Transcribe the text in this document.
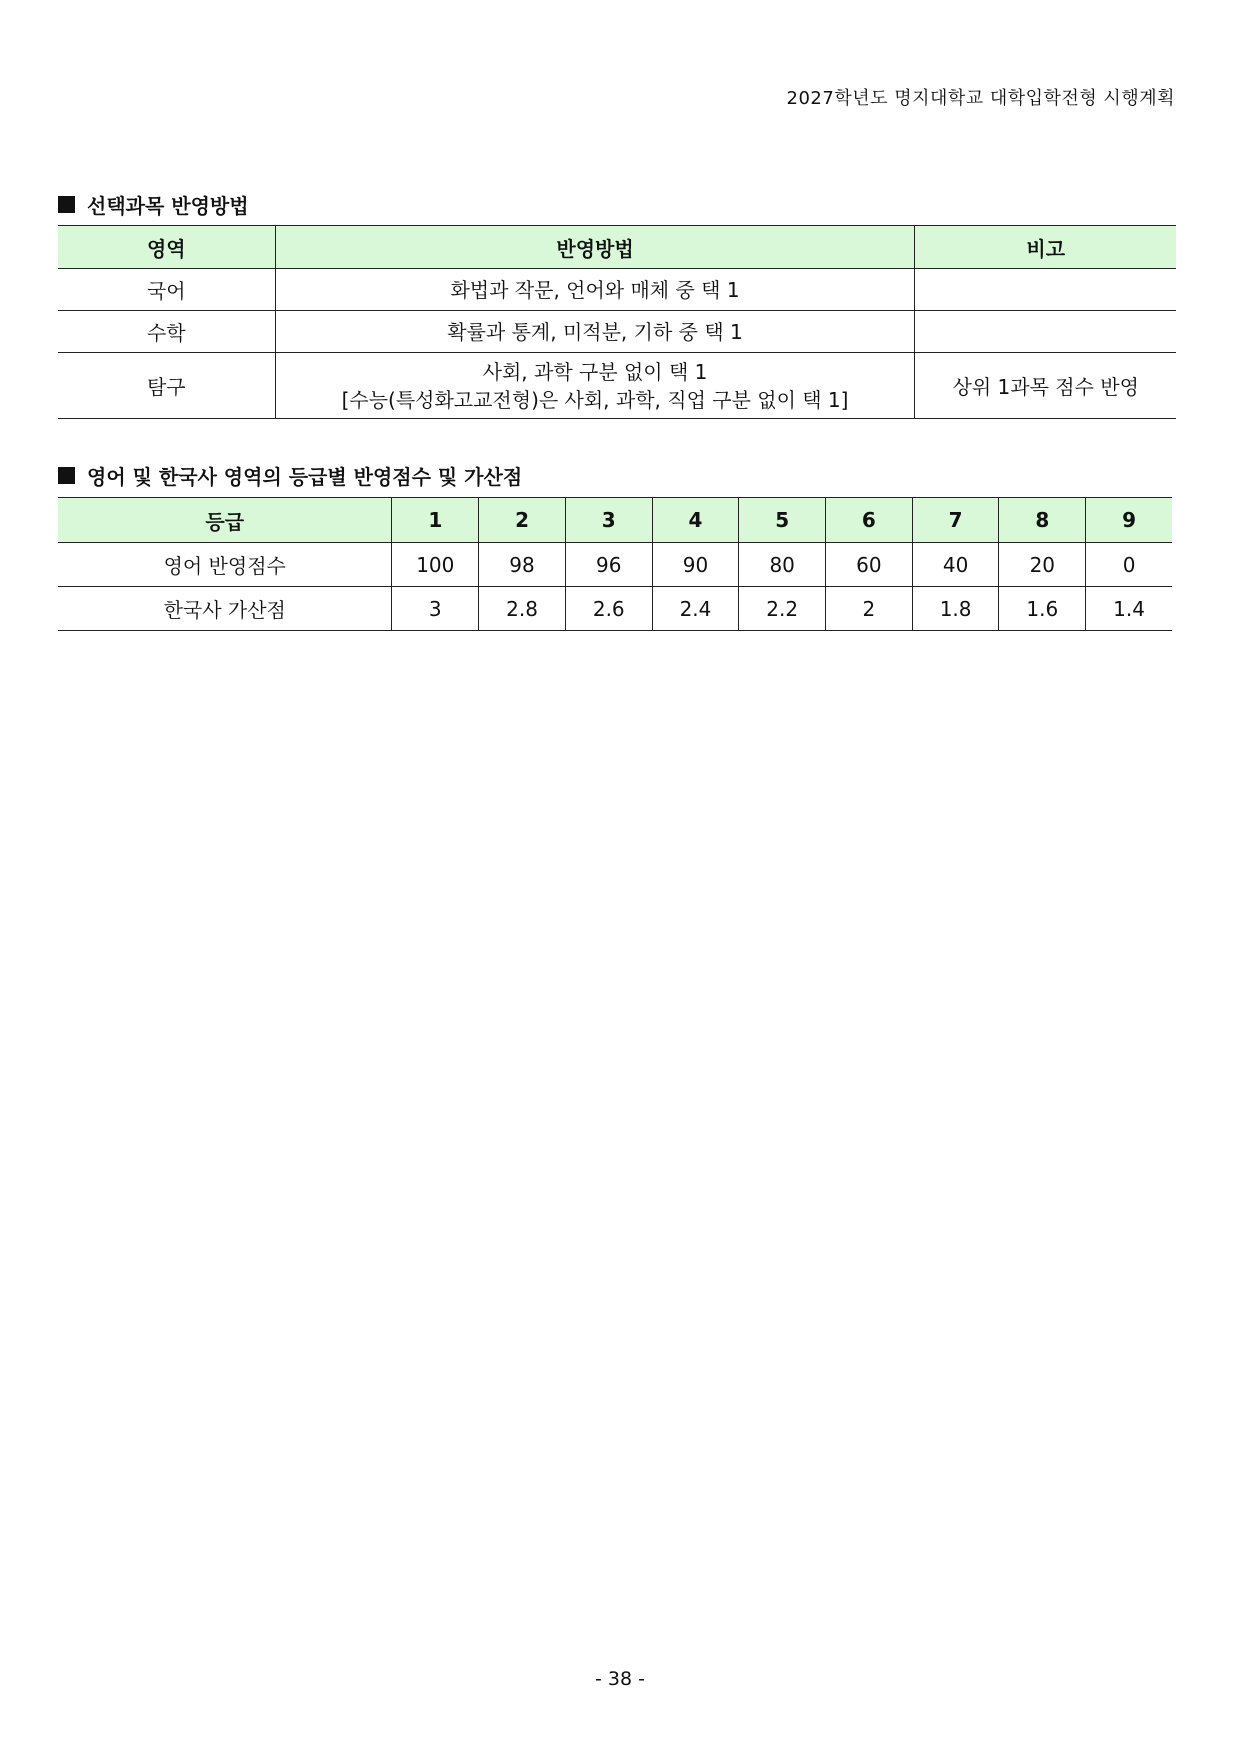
2027학년도 명지대학교 대학입학전형 시행계획
선택과목 반영방법
영역	반영방법	비고
국어	화법과 작문, 언어와 매체 중 택 1	

수학	확률과 통계, 미적분, 기하 중 택 1	

탐구	사회, 과학 구분 없이 택 1
[수능(특성화고교전형)은 사회, 과학, 직업 구분 없이 택 1]	상위 1과목 점수 반영
영어 및 한국사 영역의 등급별 반영점수 및 가산점
등급	1	2	3	4	5	6	7	8	9
영어 반영점수	100	98	96	90	80	60	40	20	0
한국사 가산점	3	2.8	2.6	2.4	2.2	2	1.8	1.6	1.4
- 38 -
